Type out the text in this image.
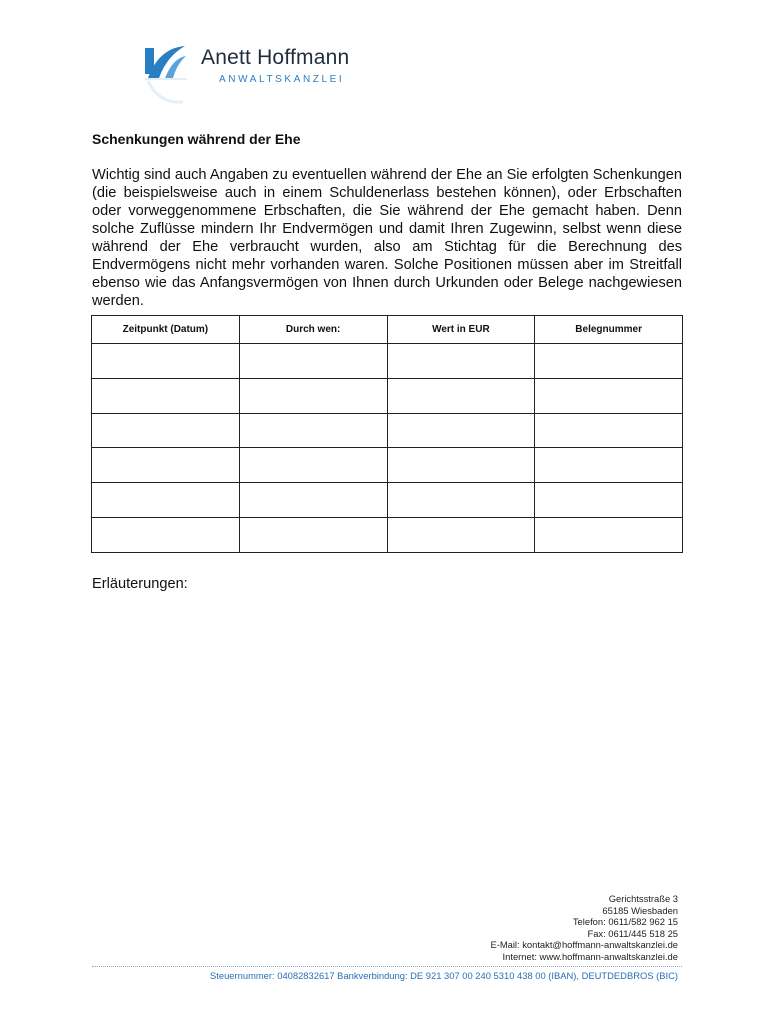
Anett Hoffmann
ANWALTSKANZLEI
Schenkungen während der Ehe
Wichtig sind auch Angaben zu eventuellen während der Ehe an Sie erfolgten Schenkungen (die beispielsweise auch in einem Schuldenerlass bestehen können), oder Erbschaften oder vorweggenommene Erbschaften, die Sie während der Ehe gemacht haben. Denn solche Zuflüsse mindern Ihr Endvermögen und damit Ihren Zugewinn, selbst wenn diese während der Ehe verbraucht wurden, also am Stichtag für die Berechnung des Endvermögens nicht mehr vorhanden waren. Solche Positionen müssen aber im Streitfall ebenso wie das Anfangsvermögen von Ihnen durch Urkunden oder Belege nachgewiesen werden.
Zeitpunkt (Datum)	Durch wen:	Wert in EUR	Belegnummer

Erläuterungen:
Gerichtsstraße 3
65185 Wiesbaden
Telefon: 0611/582 962 15
Fax: 0611/445 518 25
E-Mail: kontakt@hoffmann-anwaltskanzlei.de
Internet: www.hoffmann-anwaltskanzlei.de
Steuernummer: 04082832617 Bankverbindung: DE 921 307 00 240 5310 438 00 (IBAN), DEUTDEDBROS (BIC)
